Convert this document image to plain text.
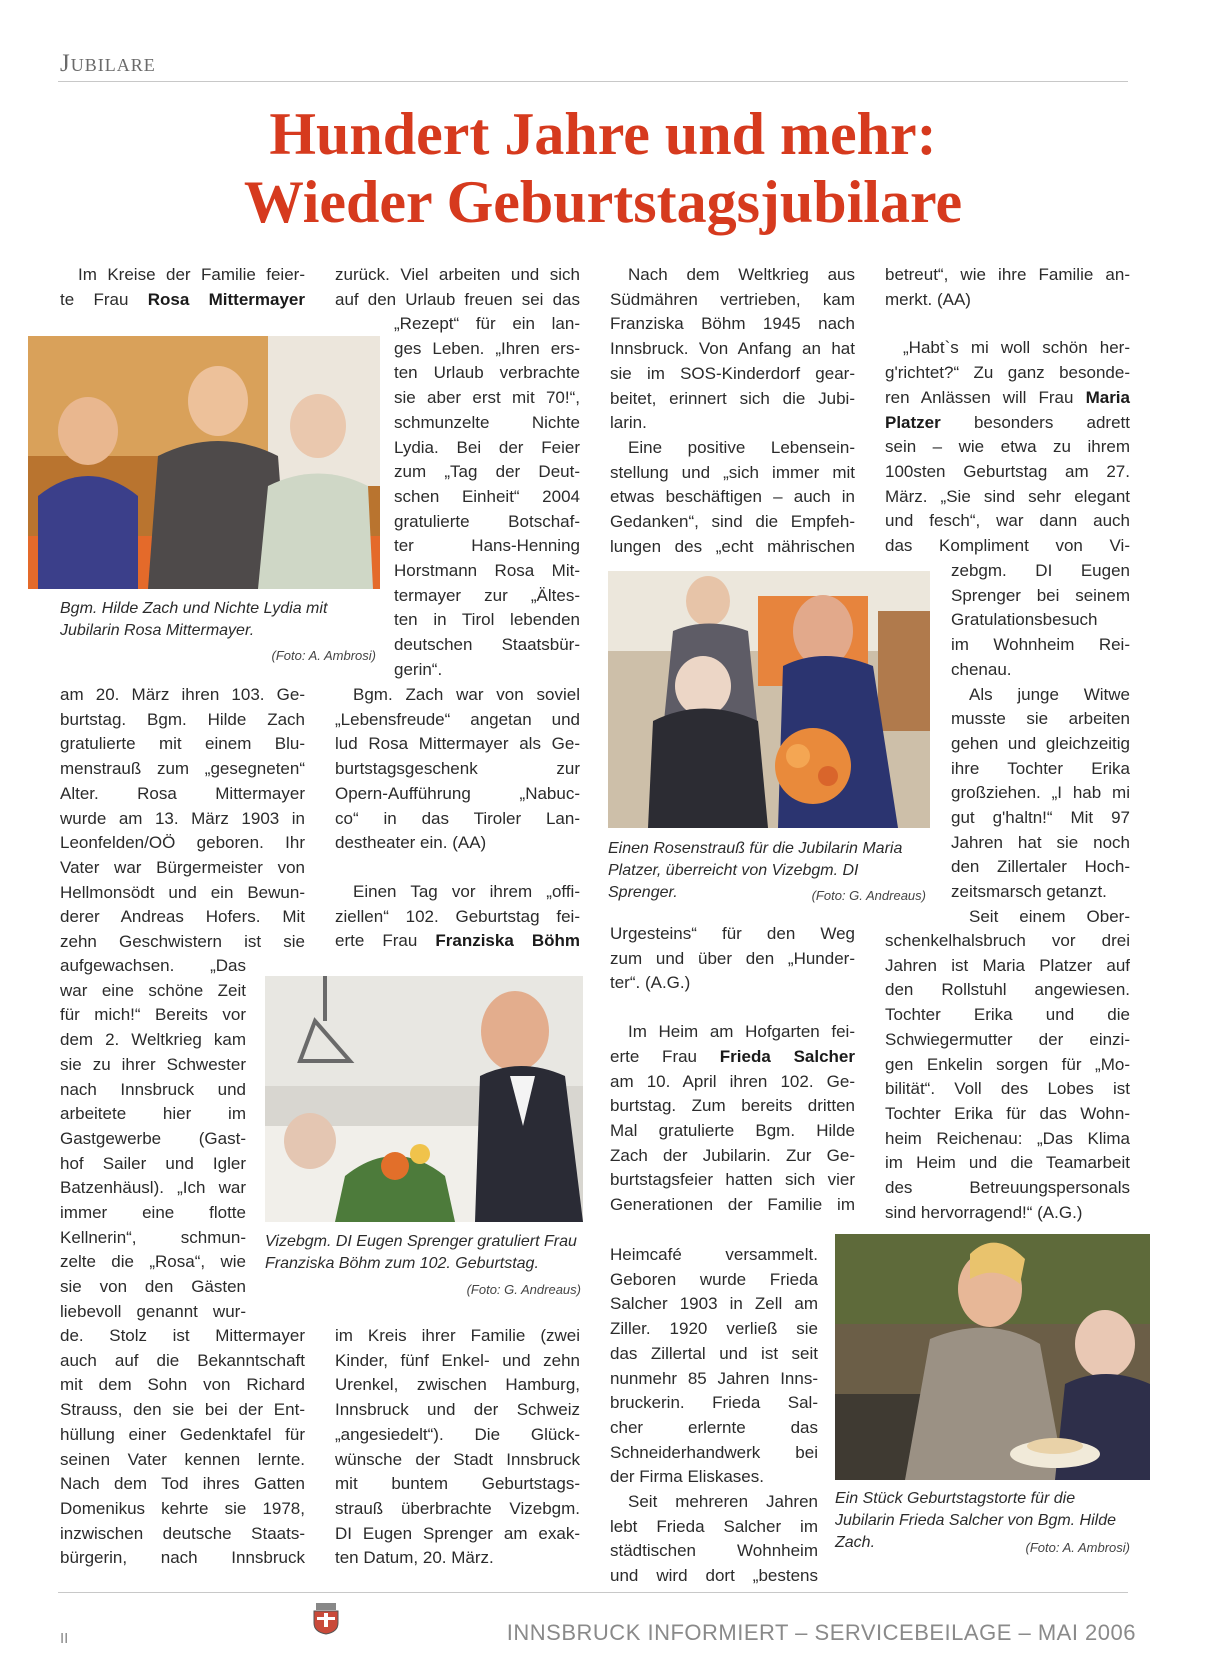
Jubilare
Hundert Jahre und mehr:
Wieder Geburtstagsjubilare

Im Kreise der Familie feier-

te Frau Rosa Mittermayer

Bgm. Hilde Zach und Nichte Lydia mit Jubilarin Rosa Mittermayer.
(Foto: A. Ambrosi)

am 20. März ihren 103. Ge-

burtstag. Bgm. Hilde Zach

gratulierte mit einem Blu-

menstrauß zum „gesegneten“

Alter. Rosa Mittermayer

wurde am 13. März 1903 in

Leonfelden/OÖ geboren. Ihr

Vater war Bürgermeister von

Hellmonsödt und ein Bewun-

derer Andreas Hofers. Mit

zehn Geschwistern ist sie

aufgewachsen. „Das

war eine schöne Zeit

für mich!“ Bereits vor

dem 2. Weltkrieg kam

sie zu ihrer Schwester

nach Innsbruck und

arbeitete hier im

Gastgewerbe (Gast-

hof Sailer und Igler

Batzenhäusl). „Ich war

immer eine flotte

Kellnerin“, schmun-

zelte die „Rosa“, wie

sie von den Gästen

liebevoll genannt wur-

de. Stolz ist Mittermayer

auch auf die Bekanntschaft

mit dem Sohn von Richard

Strauss, den sie bei der Ent-

hüllung einer Gedenktafel für

seinen Vater kennen lernte.

Nach dem Tod ihres Gatten

Domenikus kehrte sie 1978,

inzwischen deutsche Staats-

bürgerin, nach Innsbruck

zurück. Viel arbeiten und sich

auf den Urlaub freuen sei das

„Rezept“ für ein lan-

ges Leben. „Ihren ers-

ten Urlaub verbrachte

sie aber erst mit 70!“,

schmunzelte Nichte

Lydia. Bei der Feier

zum „Tag der Deut-

schen Einheit“ 2004

gratulierte Botschaf-

ter Hans-Henning

Horstmann Rosa Mit-

termayer zur „Ältes-

ten in Tirol lebenden

deutschen Staatsbür-

gerin“.

Bgm. Zach war von soviel

„Lebensfreude“ angetan und

lud Rosa Mittermayer als Ge-

burtstagsgeschenk zur

Opern-Aufführung „Nabuc-

co“ in das Tiroler Lan-

destheater ein. (AA)

Einen Tag vor ihrem „offi-

ziellen“ 102. Geburtstag fei-

erte Frau Franziska Böhm

Vizebgm. DI Eugen Sprenger gratuliert Frau Franziska Böhm zum 102. Geburtstag.
(Foto: G. Andreaus)

im Kreis ihrer Familie (zwei

Kinder, fünf Enkel- und zehn

Urenkel, zwischen Hamburg,

Innsbruck und der Schweiz

„angesiedelt“). Die Glück-

wünsche der Stadt Innsbruck

mit buntem Geburtstags-

strauß überbrachte Vizebgm.

DI Eugen Sprenger am exak-

ten Datum, 20. März.

Nach dem Weltkrieg aus

Südmähren vertrieben, kam

Franziska Böhm 1945 nach

Innsbruck. Von Anfang an hat

sie im SOS-Kinderdorf gear-

beitet, erinnert sich die Jubi-

larin.

Eine positive Lebensein-

stellung und „sich immer mit

etwas beschäftigen – auch in

Gedanken“, sind die Empfeh-

lungen des „echt mährischen

Einen Rosenstrauß für die Jubilarin Maria Platzer, überreicht von Vizebgm. DI Sprenger.	(Foto: G. Andreaus)

Urgesteins“ für den Weg

zum und über den „Hunder-

ter“. (A.G.)

Im Heim am Hofgarten fei-

erte Frau Frieda Salcher

am 10. April ihren 102. Ge-

burtstag. Zum bereits dritten

Mal gratulierte Bgm. Hilde

Zach der Jubilarin. Zur Ge-

burtstagsfeier hatten sich vier

Generationen der Familie im

Heimcafé versammelt.

Geboren wurde Frieda

Salcher 1903 in Zell am

Ziller. 1920 verließ sie

das Zillertal und ist seit

nunmehr 85 Jahren Inns-

bruckerin. Frieda Sal-

cher erlernte das

Schneiderhandwerk bei

der Firma Eliskases.

Seit mehreren Jahren

lebt Frieda Salcher im

städtischen Wohnheim

und wird dort „bestens

betreut“, wie ihre Familie an-

merkt. (AA)

„Habt`s mi woll schön her-

g'richtet?“ Zu ganz besonde-

ren Anlässen will Frau Maria

Platzer besonders adrett

sein – wie etwa zu ihrem

100sten Geburtstag am 27.

März. „Sie sind sehr elegant

und fesch“, war dann auch

das Kompliment von Vi-

zebgm. DI Eugen

Sprenger bei seinem

Gratulationsbesuch

im Wohnheim Rei-

chenau.

Als junge Witwe

musste sie arbeiten

gehen und gleichzeitig

ihre Tochter Erika

großziehen. „I hab mi

gut g'haltn!“ Mit 97

Jahren hat sie noch

den Zillertaler Hoch-

zeitsmarsch getanzt.

Seit einem Ober-

schenkelhalsbruch vor drei

Jahren ist Maria Platzer auf

den Rollstuhl angewiesen.

Tochter Erika und die

Schwiegermutter der einzi-

gen Enkelin sorgen für „Mo-

bilität“. Voll des Lobes ist

Tochter Erika für das Wohn-

heim Reichenau: „Das Klima

im Heim und die Teamarbeit

des Betreuungspersonals

sind hervorragend!“ (A.G.)

Ein Stück Geburtstagstorte für die Jubilarin Frieda Salcher von Bgm. Hilde Zach.	(Foto: A. Ambrosi)
II	INNSBRUCK INFORMIERT – SERVICEBEILAGE – MAI 2006
